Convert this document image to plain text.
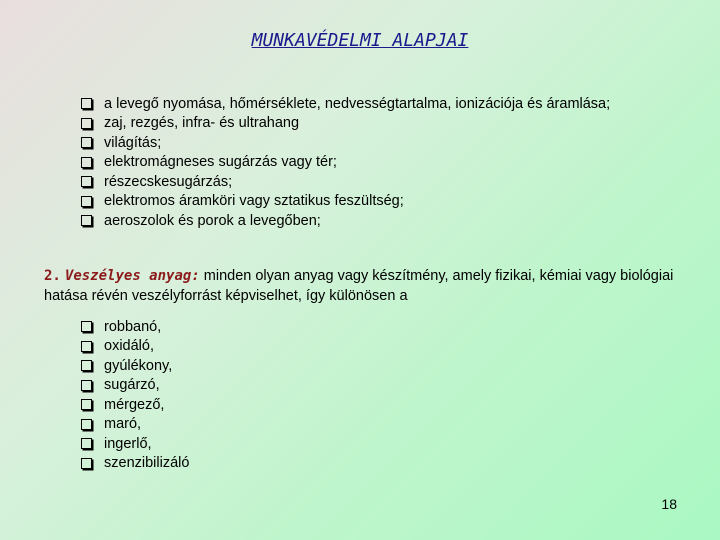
MUNKAVÉDELMI ALAPJAI
a levegő nyomása, hőmérséklete, nedvességtartalma, ionizációja és áramlása;
zaj, rezgés, infra- és ultrahang
világítás;
elektromágneses sugárzás vagy tér;
részecskesugárzás;
elektromos áramköri vagy sztatikus feszültség;
aeroszolok és porok a levegőben;
2. Veszélyes anyag: minden olyan anyag vagy készítmény, amely fizikai, kémiai vagy biológiai hatása révén veszélyforrást képviselhet, így különösen a
robbanó,
oxidáló,
gyúlékony,
sugárzó,
mérgező,
maró,
ingerlő,
szenzibilizáló
18
